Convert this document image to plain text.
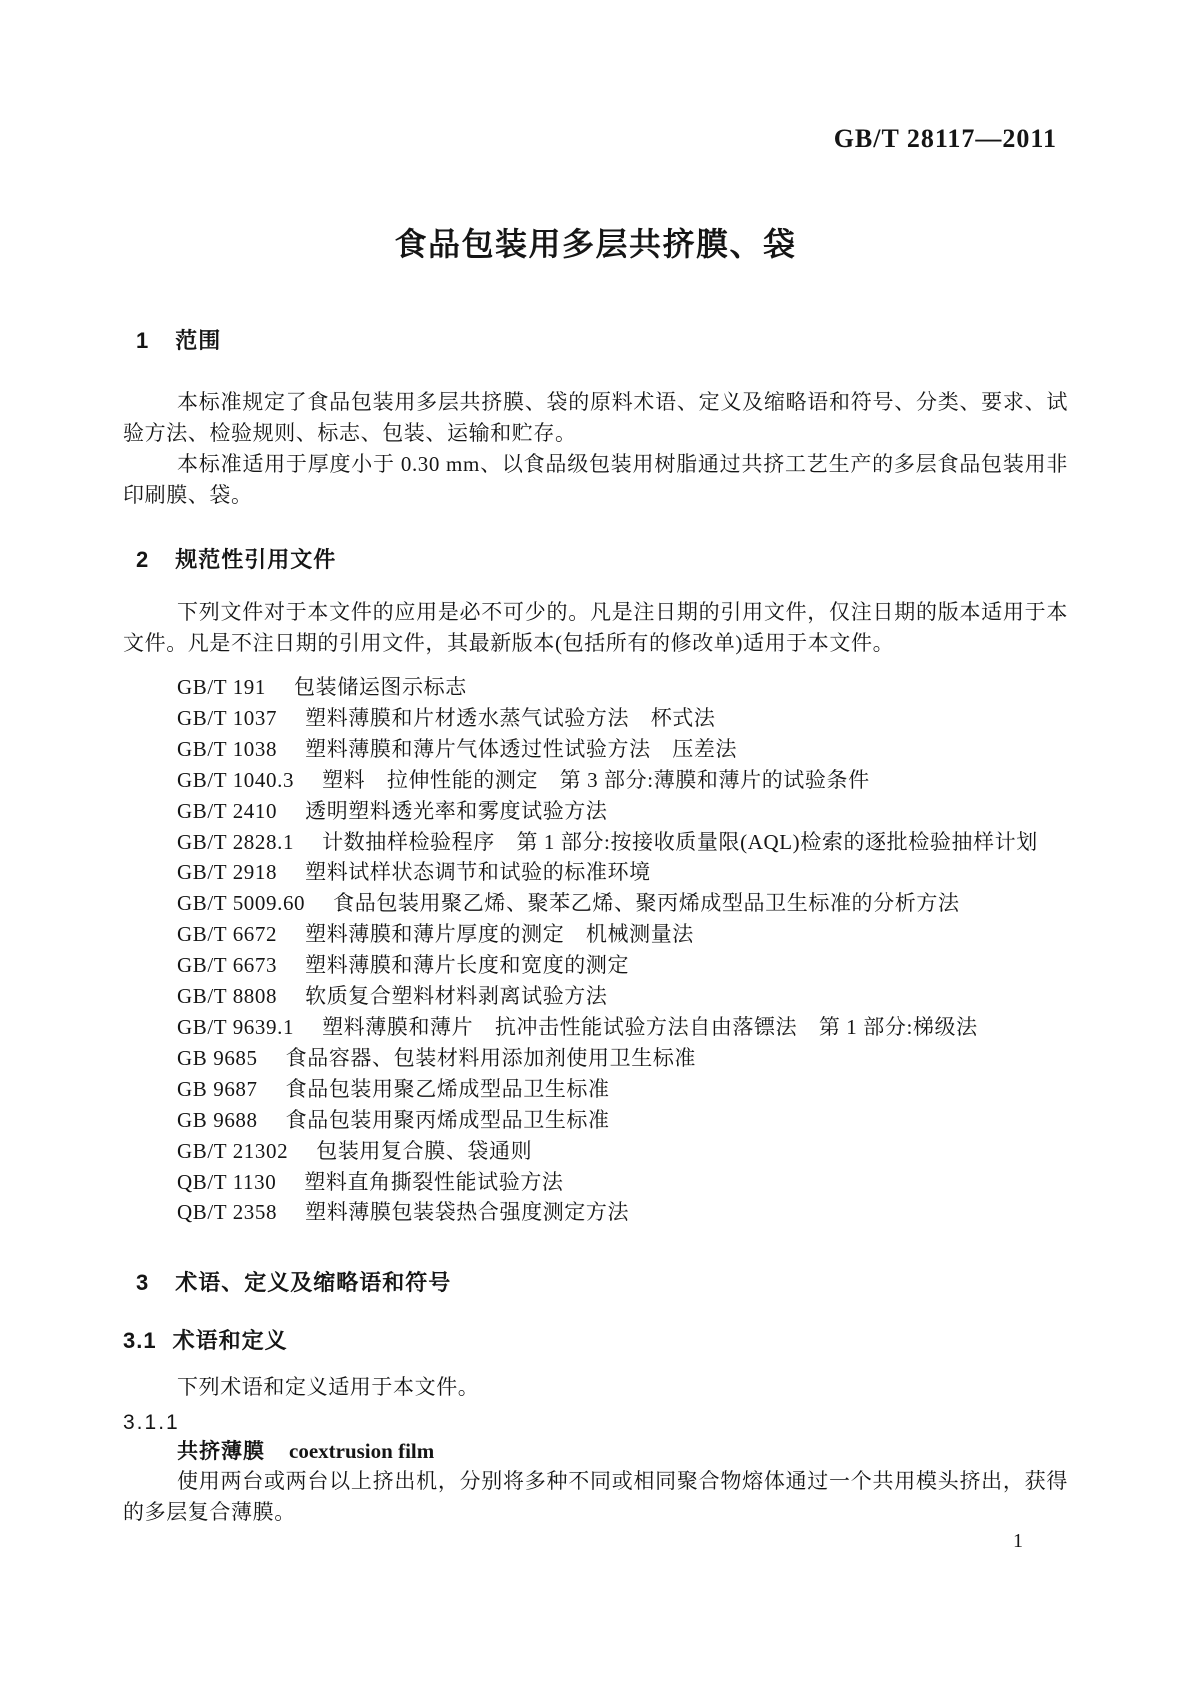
GB/T 28117—2011
食品包装用多层共挤膜、袋
1 范围

本标准规定了食品包装用多层共挤膜、袋的原料术语、定义及缩略语和符号、分类、要求、试验方法、检验规则、标志、包装、运输和贮存。

本标准适用于厚度小于 0.30 mm、以食品级包装用树脂通过共挤工艺生产的多层食品包装用非印刷膜、袋。

2 规范性引用文件

下列文件对于本文件的应用是必不可少的。凡是注日期的引用文件，仅注日期的版本适用于本文件。凡是不注日期的引用文件，其最新版本(包括所有的修改单)适用于本文件。

GB/T 191 包装储运图示标志
GB/T 1037 塑料薄膜和片材透水蒸气试验方法　杯式法
GB/T 1038 塑料薄膜和薄片气体透过性试验方法　压差法
GB/T 1040.3 塑料　拉伸性能的测定　第 3 部分:薄膜和薄片的试验条件
GB/T 2410 透明塑料透光率和雾度试验方法
GB/T 2828.1 计数抽样检验程序　第 1 部分:按接收质量限(AQL)检索的逐批检验抽样计划
GB/T 2918 塑料试样状态调节和试验的标准环境
GB/T 5009.60 食品包装用聚乙烯、聚苯乙烯、聚丙烯成型品卫生标准的分析方法
GB/T 6672 塑料薄膜和薄片厚度的测定　机械测量法
GB/T 6673 塑料薄膜和薄片长度和宽度的测定
GB/T 8808 软质复合塑料材料剥离试验方法
GB/T 9639.1 塑料薄膜和薄片　抗冲击性能试验方法自由落镖法　第 1 部分:梯级法
GB 9685 食品容器、包装材料用添加剂使用卫生标准
GB 9687 食品包装用聚乙烯成型品卫生标准
GB 9688 食品包装用聚丙烯成型品卫生标准
GB/T 21302 包装用复合膜、袋通则
QB/T 1130 塑料直角撕裂性能试验方法
QB/T 2358 塑料薄膜包装袋热合强度测定方法
3 术语、定义及缩略语和符号
3.1 术语和定义

下列术语和定义适用于本文件。

3.1.1
共挤薄膜 coextrusion film

使用两台或两台以上挤出机，分别将多种不同或相同聚合物熔体通过一个共用模头挤出，获得的多层复合薄膜。

1
